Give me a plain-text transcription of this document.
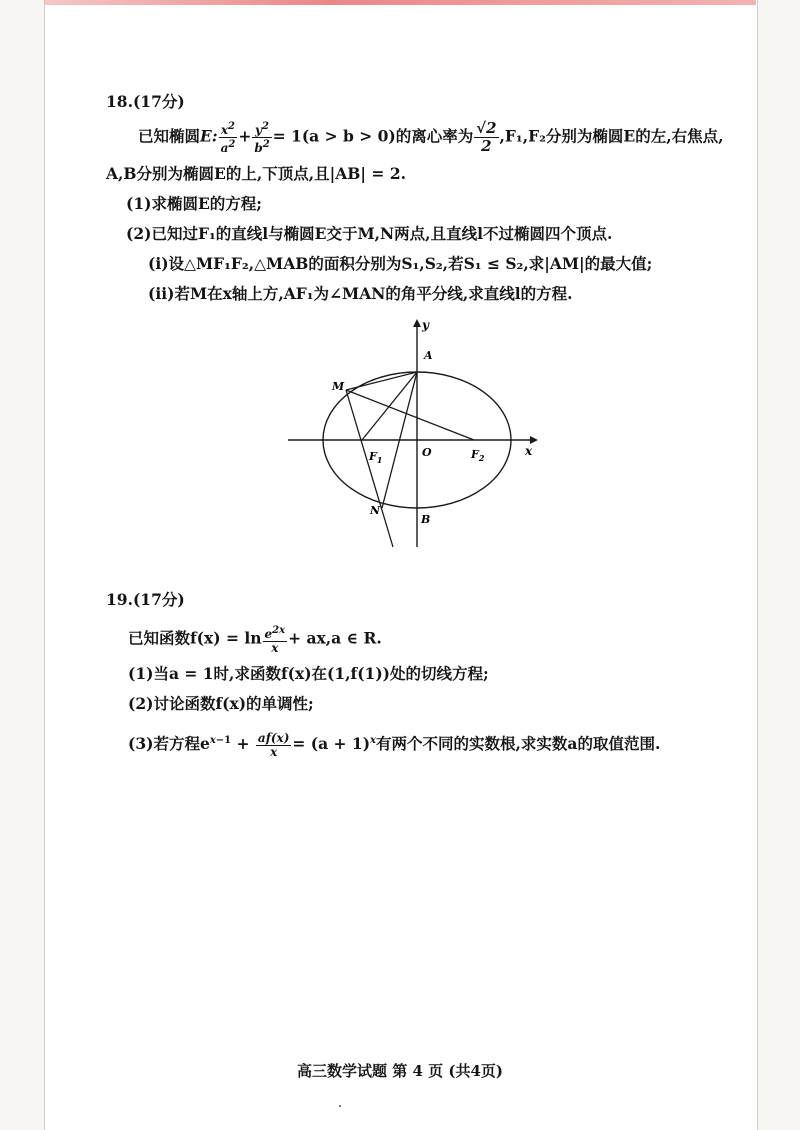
18.(17分)
已知椭圆E: $\frac{x^2}{a^2} + \frac{y^2}{b^2} = 1(a > b > 0)$的离心率为 $\frac{√2}{2} ,F_1,F_2$分别为椭圆E的左,右焦点,
A,B分别为椭圆E的上,下顶点,且|AB| = 2.
(1)求椭圆E的方程;
(2)已知过F₁的直线l与椭圆E交于M,N两点,且直线l不过椭圆四个顶点.
(i)设△MF₁F₂,△MAB的面积分别为S₁,S₂,若S₁ ≤ S₂,求|AM|的最大值;
(ii)若M在x轴上方,AF₁为∠MAN的角平分线,求直线l的方程.
y
x
A
B
M
N
O
$F_1$	$F_2$
19.(17分)
已知函数$f(x) = \ln \frac{e^{2x}}{x} + ax,a$ ∈ R.
(1)当a = 1时,求函数f(x)在(1,f(1))处的切线方程;
(2)讨论函数f(x)的单调性;
(3)若方程$e^{x-1} + \frac{af(x)}{x} = (a + 1)^x$有两个不同的实数根,求实数a的取值范围.
高三数学试题 第 4 页 (共4页)
